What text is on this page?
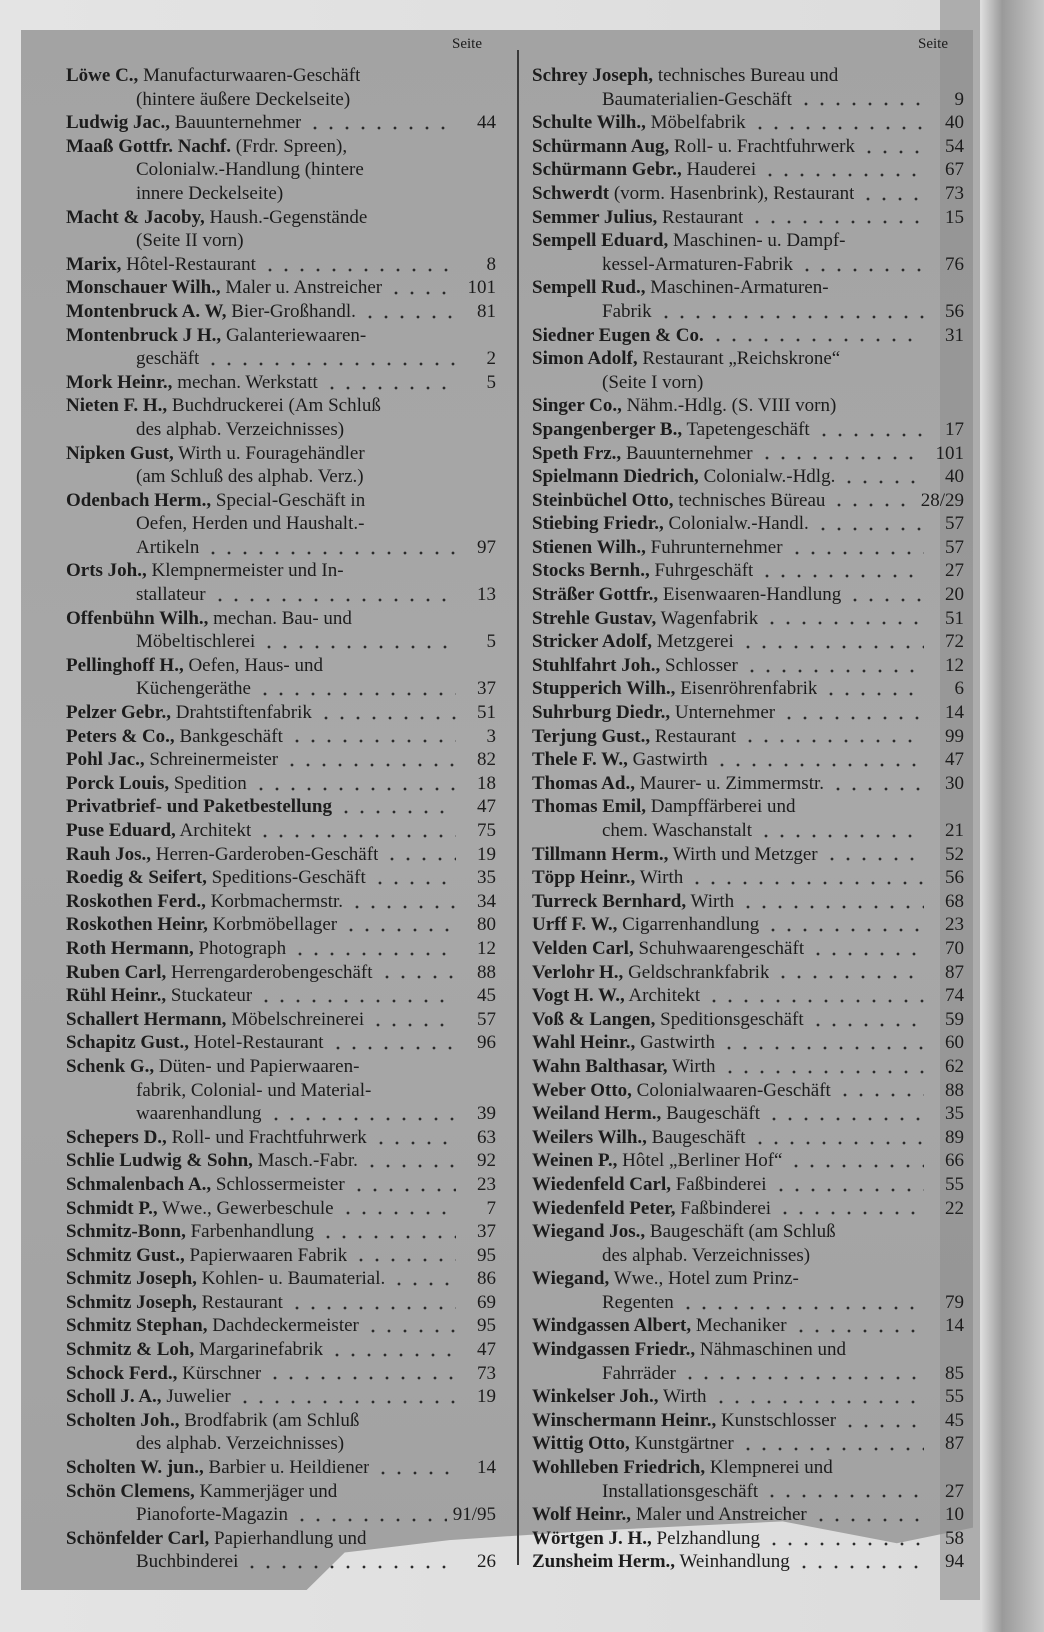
Seite	Seite
Löwe C., Manufacturwaaren-Geschäft
(hintere äußere Deckelseite)
Ludwig Jac., Bauunternehmer	44
Maaß Gottfr. Nachf. (Frdr. Spreen),
Colonialw.-Handlung (hintere
innere Deckelseite)
Macht & Jacoby, Haush.-Gegenstände
(Seite II vorn)
Marix, Hôtel-Restaurant	8
Monschauer Wilh., Maler u. Anstreicher	101
Montenbruck A. W, Bier-Großhandl.	81
Montenbruck J H., Galanteriewaaren-
geschäft	2
Mork Heinr., mechan. Werkstatt	5
Nieten F. H., Buchdruckerei (Am Schluß
des alphab. Verzeichnisses)
Nipken Gust, Wirth u. Fouragehändler
(am Schluß des alphab. Verz.)
Odenbach Herm., Special-Geschäft in
Oefen, Herden und Haushalt.-
Artikeln	97
Orts Joh., Klempnermeister und In-
stallateur	13
Offenbühn Wilh., mechan. Bau- und
Möbeltischlerei	5
Pellinghoff H., Oefen, Haus- und
Küchengeräthe	37
Pelzer Gebr., Drahtstiftenfabrik	51
Peters & Co., Bankgeschäft	3
Pohl Jac., Schreinermeister	82
Porck Louis, Spedition	18
Privatbrief- und Paketbestellung	47
Puse Eduard, Architekt	75
Rauh Jos., Herren-Garderoben-Geschäft	19
Roedig & Seifert, Speditions-Geschäft	35
Roskothen Ferd., Korbmachermstr.	34
Roskothen Heinr, Korbmöbellager	80
Roth Hermann, Photograph	12
Ruben Carl, Herrengarderobengeschäft	88
Rühl Heinr., Stuckateur	45
Schallert Hermann, Möbelschreinerei	57
Schapitz Gust., Hotel-Restaurant	96
Schenk G., Düten- und Papierwaaren-
fabrik, Colonial- und Material-
waarenhandlung	39
Schepers D., Roll- und Frachtfuhrwerk	63
Schlie Ludwig & Sohn, Masch.-Fabr.	92
Schmalenbach A., Schlossermeister	23
Schmidt P., Wwe., Gewerbeschule	7
Schmitz-Bonn, Farbenhandlung	37
Schmitz Gust., Papierwaaren Fabrik	95
Schmitz Joseph, Kohlen- u. Baumaterial.	86
Schmitz Joseph, Restaurant	69
Schmitz Stephan, Dachdeckermeister	95
Schmitz & Loh, Margarinefabrik	47
Schock Ferd., Kürschner	73
Scholl J. A., Juwelier	19
Scholten Joh., Brodfabrik (am Schluß
des alphab. Verzeichnisses)
Scholten W. jun., Barbier u. Heildiener	14
Schön Clemens, Kammerjäger und
Pianoforte-Magazin	91/95
Schönfelder Carl, Papierhandlung und
Buchbinderei	26
Schrey Joseph, technisches Bureau und
Baumaterialien-Geschäft	9
Schulte Wilh., Möbelfabrik	40
Schürmann Aug, Roll- u. Frachtfuhrwerk	54
Schürmann Gebr., Hauderei	67
Schwerdt (vorm. Hasenbrink), Restaurant	73
Semmer Julius, Restaurant	15
Sempell Eduard, Maschinen- u. Dampf-
kessel-Armaturen-Fabrik	76
Sempell Rud., Maschinen-Armaturen-
Fabrik	56
Siedner Eugen & Co.	31
Simon Adolf, Restaurant „Reichskrone“
(Seite I vorn)
Singer Co., Nähm.-Hdlg. (S. VIII vorn)
Spangenberger B., Tapetengeschäft	17
Speth Frz., Bauunternehmer	101
Spielmann Diedrich, Colonialw.-Hdlg.	40
Steinbüchel Otto, technisches Büreau	28/29
Stiebing Friedr., Colonialw.-Handl.	57
Stienen Wilh., Fuhrunternehmer	57
Stocks Bernh., Fuhrgeschäft	27
Sträßer Gottfr., Eisenwaaren-Handlung	20
Strehle Gustav, Wagenfabrik	51
Stricker Adolf, Metzgerei	72
Stuhlfahrt Joh., Schlosser	12
Stupperich Wilh., Eisenröhrenfabrik	6
Suhrburg Diedr., Unternehmer	14
Terjung Gust., Restaurant	99
Thele F. W., Gastwirth	47
Thomas Ad., Maurer- u. Zimmermstr.	30
Thomas Emil, Dampffärberei und
chem. Waschanstalt	21
Tillmann Herm., Wirth und Metzger	52
Töpp Heinr., Wirth	56
Turreck Bernhard, Wirth	68
Urff F. W., Cigarrenhandlung	23
Velden Carl, Schuhwaarengeschäft	70
Verlohr H., Geldschrankfabrik	87
Vogt H. W., Architekt	74
Voß & Langen, Speditionsgeschäft	59
Wahl Heinr., Gastwirth	60
Wahn Balthasar, Wirth	62
Weber Otto, Colonialwaaren-Geschäft	88
Weiland Herm., Baugeschäft	35
Weilers Wilh., Baugeschäft	89
Weinen P., Hôtel „Berliner Hof“	66
Wiedenfeld Carl, Faßbinderei	55
Wiedenfeld Peter, Faßbinderei	22
Wiegand Jos., Baugeschäft (am Schluß
des alphab. Verzeichnisses)
Wiegand, Wwe., Hotel zum Prinz-
Regenten	79
Windgassen Albert, Mechaniker	14
Windgassen Friedr., Nähmaschinen und
Fahrräder	85
Winkelser Joh., Wirth	55
Winschermann Heinr., Kunstschlosser	45
Wittig Otto, Kunstgärtner	87
Wohlleben Friedrich, Klempnerei und
Installationsgeschäft	27
Wolf Heinr., Maler und Anstreicher	10
Wörtgen J. H., Pelzhandlung	58
Zunsheim Herm., Weinhandlung	94
